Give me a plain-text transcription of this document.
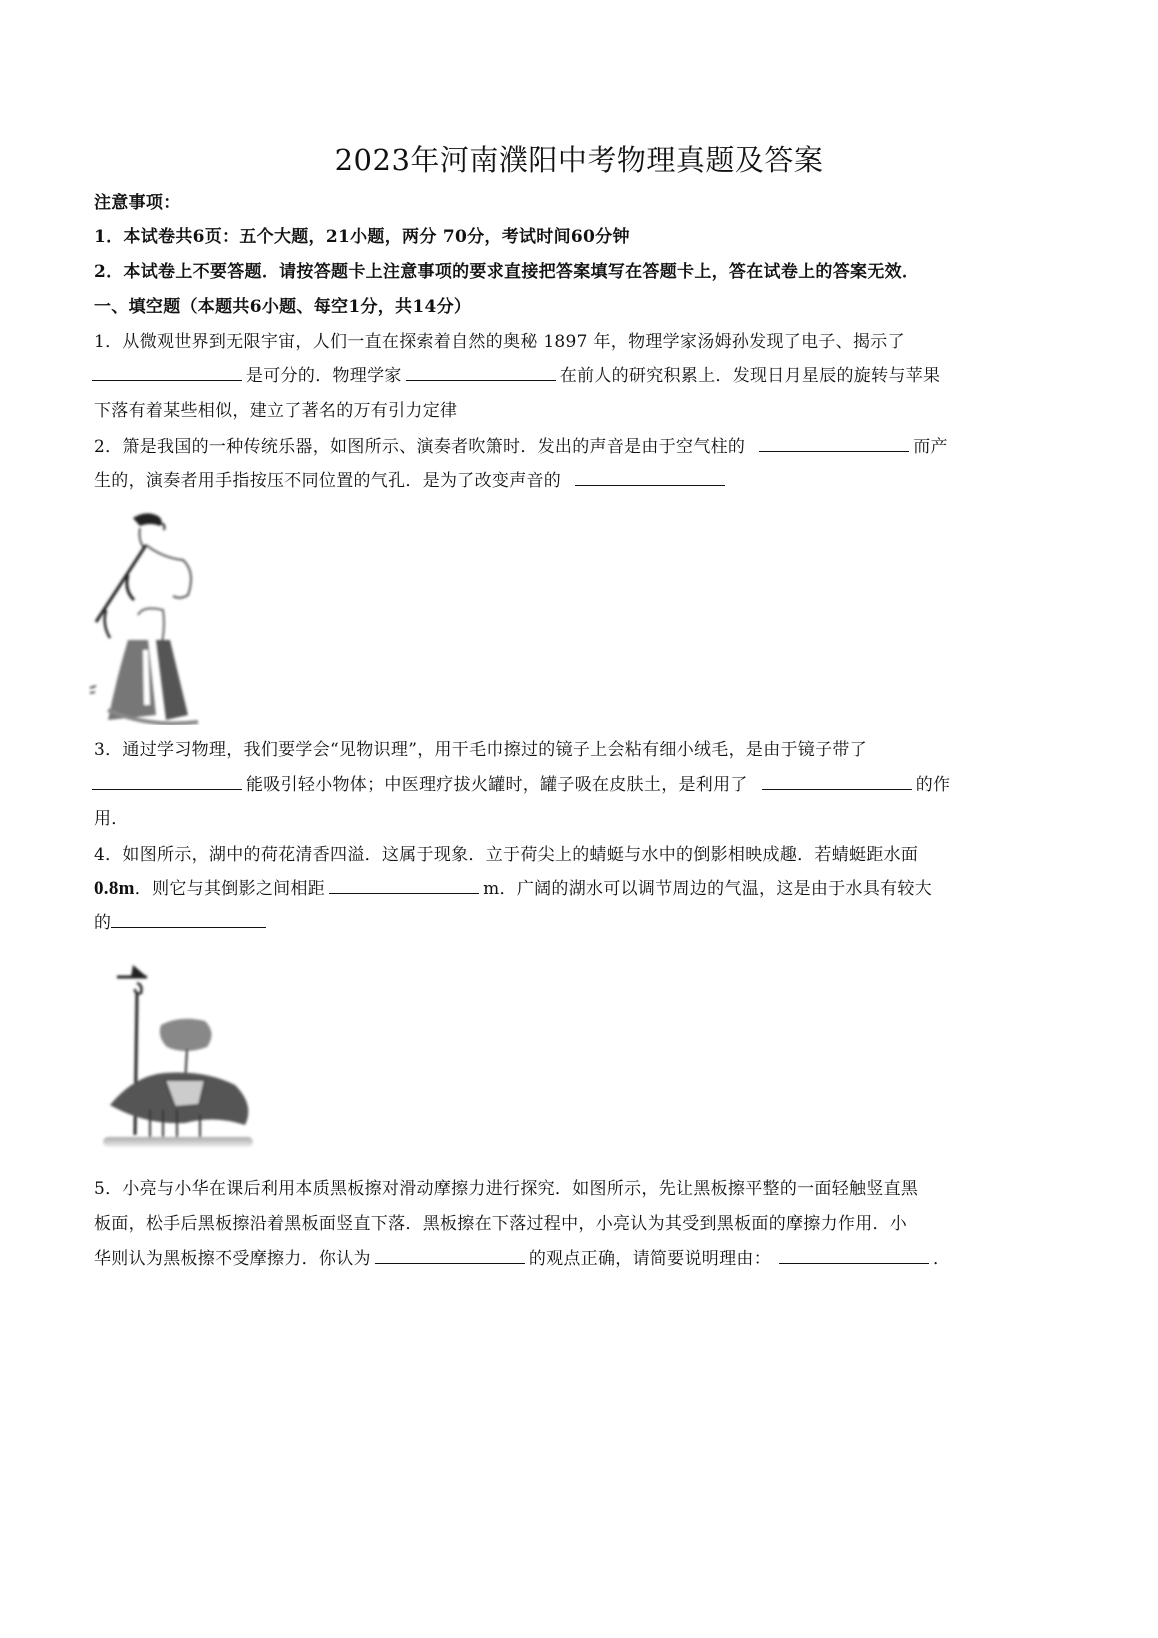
2023年河南濮阳中考物理真题及答案
注意事项：
1．本试卷共6页：五个大题，21小题，两分 70分，考试时间60分钟
2．本试卷上不要答题．请按答题卡上注意事项的要求直接把答案填写在答题卡上，答在试卷上的答案无效．
一、填空题（本题共6小题、每空1分，共14分）
1．从微观世界到无限宇宙，人们一直在探索着自然的奥秘 1897 年，物理学家汤姆孙发现了电子、揭示了
是可分的．物理学家	在前人的研究积累上．发现日月星辰的旋转与苹果
下落有着某些相似，建立了著名的万有引力定律
2．箫是我国的一种传统乐器，如图所示、演奏者吹箫时．发出的声音是由于空气柱的	而产
生的，演奏者用手指按压不同位置的气孔．是为了改变声音的
3．通过学习物理，我们要学会“见物识理”，用干毛巾擦过的镜子上会粘有细小绒毛，是由于镜子带了
能吸引轻小物体；中医理疗拔火罐时，罐子吸在皮肤土，是利用了	的作
用．
4．如图所示，湖中的荷花清香四溢．这属于现象．立于荷尖上的蜻蜓与水中的倒影相映成趣．若蜻蜓距水面
0.8m．则它与其倒影之间相距	m．广阔的湖水可以调节周边的气温，这是由于水具有较大
的
5．小亮与小华在课后利用本质黑板擦对滑动摩擦力进行探究．如图所示，先让黑板擦平整的一面轻触竖直黑
板面，松手后黑板擦沿着黑板面竖直下落．黑板擦在下落过程中，小亮认为其受到黑板面的摩擦力作用．小
华则认为黑板擦不受摩擦力．你认为	的观点正确，请简要说明理由：	．
